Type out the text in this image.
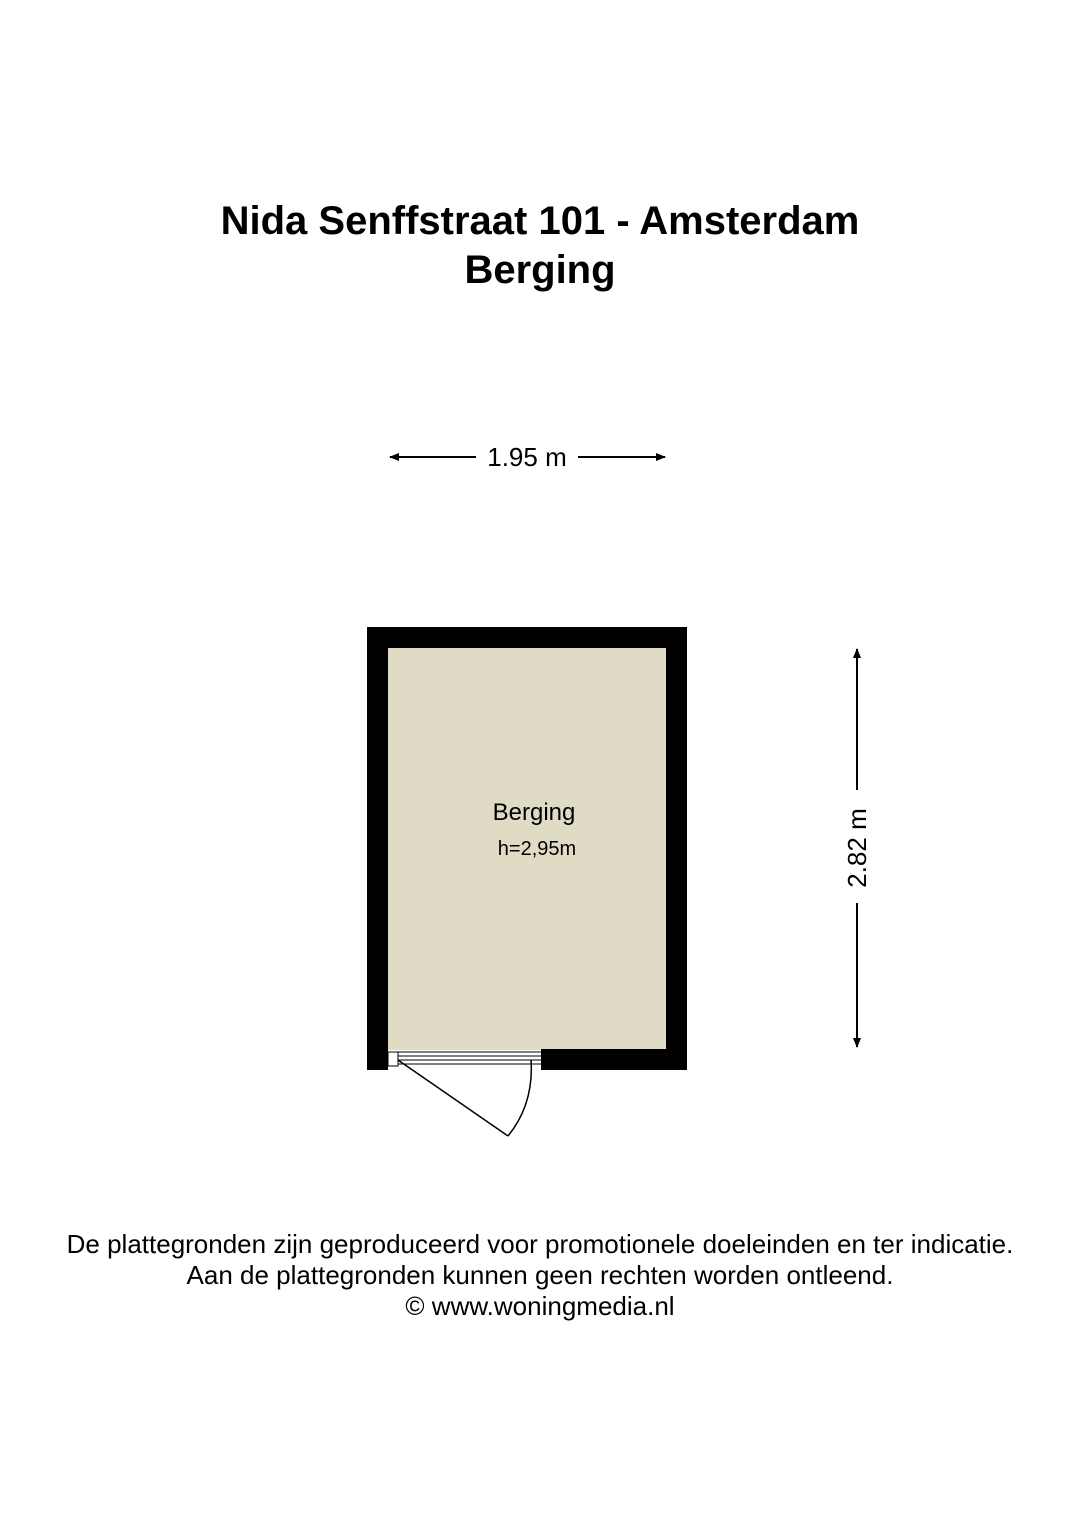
Nida Senffstraat 101 - Amsterdam
Berging
1.95 m
2.82 m
Berging
h=2,95m
De plattegronden zijn geproduceerd voor promotionele doeleinden en ter indicatie.
Aan de plattegronden kunnen geen rechten worden ontleend.
© www.woningmedia.nl
